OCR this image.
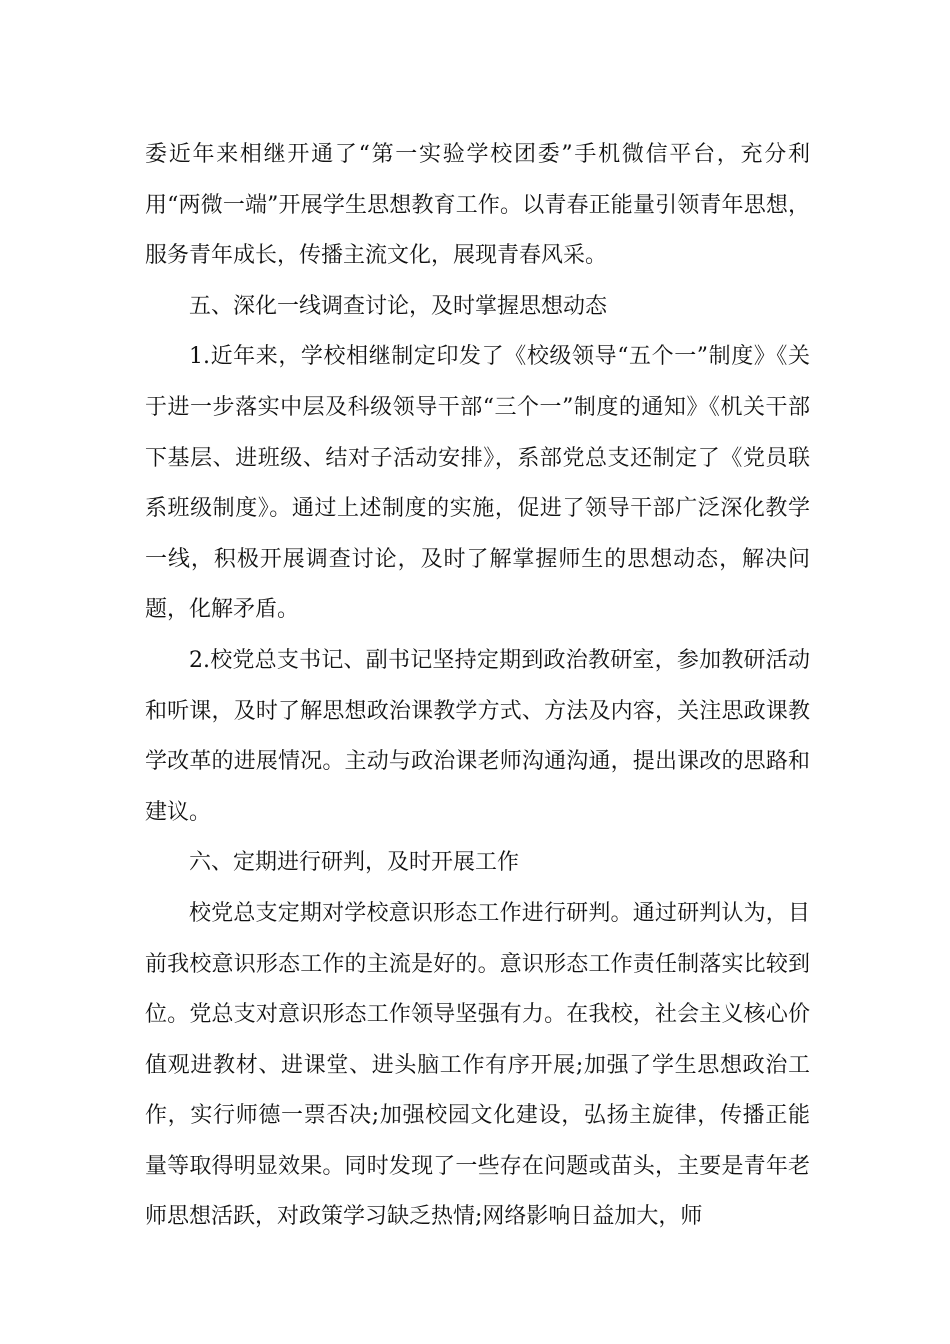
委近年来相继开通了“第一实验学校团委”手机微信平台，充分利用“两微一端”开展学生思想教育工作。以青春正能量引领青年思想，服务青年成长，传播主流文化，展现青春风采。

五、深化一线调查讨论，及时掌握思想动态

1.近年来，学校相继制定印发了《校级领导“五个一”制度》《关于进一步落实中层及科级领导干部“三个一”制度的通知》《机关干部下基层、进班级、结对子活动安排》，系部党总支还制定了《党员联系班级制度》。通过上述制度的实施，促进了领导干部广泛深化教学一线，积极开展调查讨论，及时了解掌握师生的思想动态，解决问题，化解矛盾。

2.校党总支书记、副书记坚持定期到政治教研室，参加教研活动和听课，及时了解思想政治课教学方式、方法及内容，关注思政课教学改革的进展情况。主动与政治课老师沟通沟通，提出课改的思路和建议。

六、定期进行研判，及时开展工作

校党总支定期对学校意识形态工作进行研判。通过研判认为，目前我校意识形态工作的主流是好的。意识形态工作责任制落实比较到位。党总支对意识形态工作领导坚强有力。在我校，社会主义核心价值观进教材、进课堂、进头脑工作有序开展;加强了学生思想政治工作，实行师德一票否决;加强校园文化建设，弘扬主旋律，传播正能量等取得明显效果。同时发现了一些存在问题或苗头，主要是青年老师思想活跃，对政策学习缺乏热情;网络影响日益加大，师
